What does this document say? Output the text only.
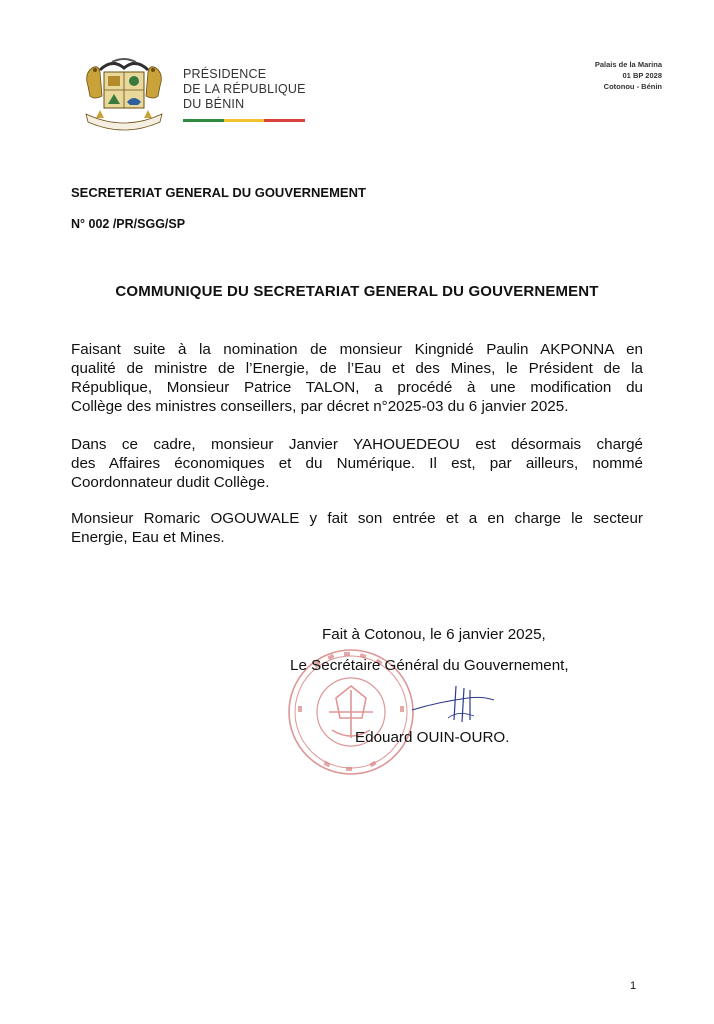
PRÉSIDENCE
DE LA RÉPUBLIQUE
DU BÉNIN
Palais de la Marina
01 BP 2028
Cotonou - Bénin
SECRETERIAT GENERAL DU GOUVERNEMENT
N° 002 /PR/SGG/SP
COMMUNIQUE DU SECRETARIAT GENERAL DU GOUVERNEMENT

Faisant suite à la nomination de monsieur Kingnidé Paulin AKPONNA en
qualité de ministre de l’Energie, de l’Eau et des Mines, le Président de la
République, Monsieur Patrice TALON, a procédé à une modification du
Collège des ministres conseillers, par décret n°2025-03 du 6 janvier 2025.

Dans ce cadre, monsieur Janvier YAHOUEDEOU est désormais chargé
des Affaires économiques et du Numérique. Il est, par ailleurs, nommé
Coordonnateur dudit Collège.

Monsieur Romaric OGOUWALE y fait son entrée et a en charge le secteur
Energie, Eau et Mines.

Fait à Cotonou, le 6 janvier 2025,
Le Secrétaire Général du Gouvernement,
Edouard OUIN-OURO.
1
